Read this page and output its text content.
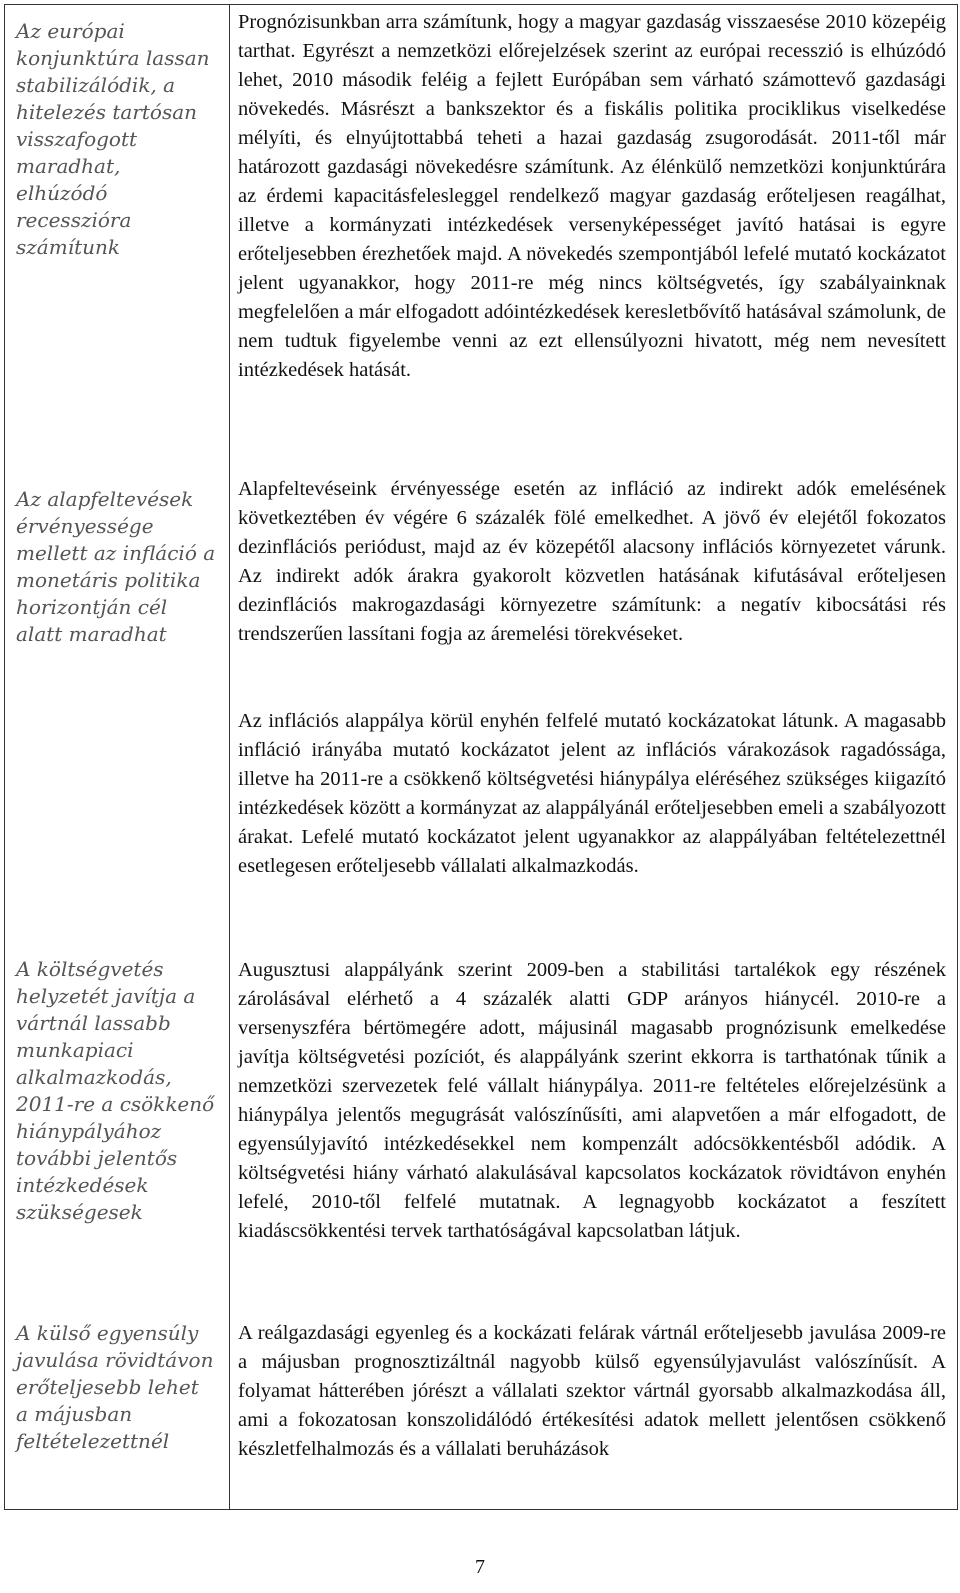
Az európai konjunktúra lassan stabilizálódik, a hitelezés tartósan visszafogott maradhat, elhúzódó recesszióra számítunk
Az alapfeltevések érvényessége mellett az infláció a monetáris politika horizontján cél alatt maradhat
A költségvetés helyzetét javítja a vártnál lassabb munkapiaci alkalmazkodás, 2011-re a csökkenő hiánypályához további jelentős intézkedések szükségesek
A külső egyensúly javulása rövidtávon erőteljesebb lehet a májusban feltételezettnél

Prognózisunkban arra számítunk, hogy a magyar gazdaság visszaesése 2010 közepéig tarthat. Egyrészt a nemzetközi előrejelzések szerint az európai recesszió is elhúzódó lehet, 2010 második feléig a fejlett Európában sem várható számottevő gazdasági növekedés. Másrészt a bankszektor és a fiskális politika prociklikus viselkedése mélyíti, és elnyújtottabbá teheti a hazai gazdaság zsugorodását. 2011-től már határozott gazdasági növekedésre számítunk. Az élénkülő nemzetközi konjunktúrára az érdemi kapacitásfelesleggel rendelkező magyar gazdaság erőteljesen reagálhat, illetve a kormányzati intézkedések versenyképességet javító hatásai is egyre erőteljesebben érezhetőek majd. A növekedés szempontjából lefelé mutató kockázatot jelent ugyanakkor, hogy 2011-re még nincs költségvetés, így szabályainknak megfelelően a már elfogadott adóintézkedések keresletbővítő hatásával számolunk, de nem tudtuk figyelembe venni az ezt ellensúlyozni hivatott, még nem nevesített intézkedések hatását.

Alapfeltevéseink érvényessége esetén az infláció az indirekt adók emelésének következtében év végére 6 százalék fölé emelkedhet. A jövő év elejétől fokozatos dezinflációs periódust, majd az év közepétől alacsony inflációs környezetet várunk. Az indirekt adók árakra gyakorolt közvetlen hatásának kifutásával erőteljesen dezinflációs makrogazdasági környezetre számítunk: a negatív kibocsátási rés trendszerűen lassítani fogja az áremelési törekvéseket.

Az inflációs alappálya körül enyhén felfelé mutató kockázatokat látunk. A magasabb infláció irányába mutató kockázatot jelent az inflációs várakozások ragadóssága, illetve ha 2011-re a csökkenő költségvetési hiánypálya eléréséhez szükséges kiigazító intézkedések között a kormányzat az alappályánál erőteljesebben emeli a szabályozott árakat. Lefelé mutató kockázatot jelent ugyanakkor az alappályában feltételezettnél esetlegesen erőteljesebb vállalati alkalmazkodás.

Augusztusi alappályánk szerint 2009-ben a stabilitási tartalékok egy részének zárolásával elérhető a 4 százalék alatti GDP arányos hiánycél. 2010-re a versenyszféra bértömegére adott, májusinál magasabb prognózisunk emelkedése javítja költségvetési pozíciót, és alappályánk szerint ekkorra is tarthatónak tűnik a nemzetközi szervezetek felé vállalt hiánypálya. 2011-re feltételes előrejelzésünk a hiánypálya jelentős megugrását valószínűsíti, ami alapvetően a már elfogadott, de egyensúlyjavító intézkedésekkel nem kompenzált adócsökkentésből adódik. A költségvetési hiány várható alakulásával kapcsolatos kockázatok rövidtávon enyhén lefelé, 2010-től felfelé mutatnak. A legnagyobb kockázatot a feszített kiadáscsökkentési tervek tarthatóságával kapcsolatban látjuk.

A reálgazdasági egyenleg és a kockázati felárak vártnál erőteljesebb javulása 2009-re a májusban prognosztizáltnál nagyobb külső egyensúlyjavulást valószínűsít. A folyamat hátterében jórészt a vállalati szektor vártnál gyorsabb alkalmazkodása áll, ami a fokozatosan konszolidálódó értékesítési adatok mellett jelentősen csökkenő készletfelhalmozás és a vállalati beruházások

7
